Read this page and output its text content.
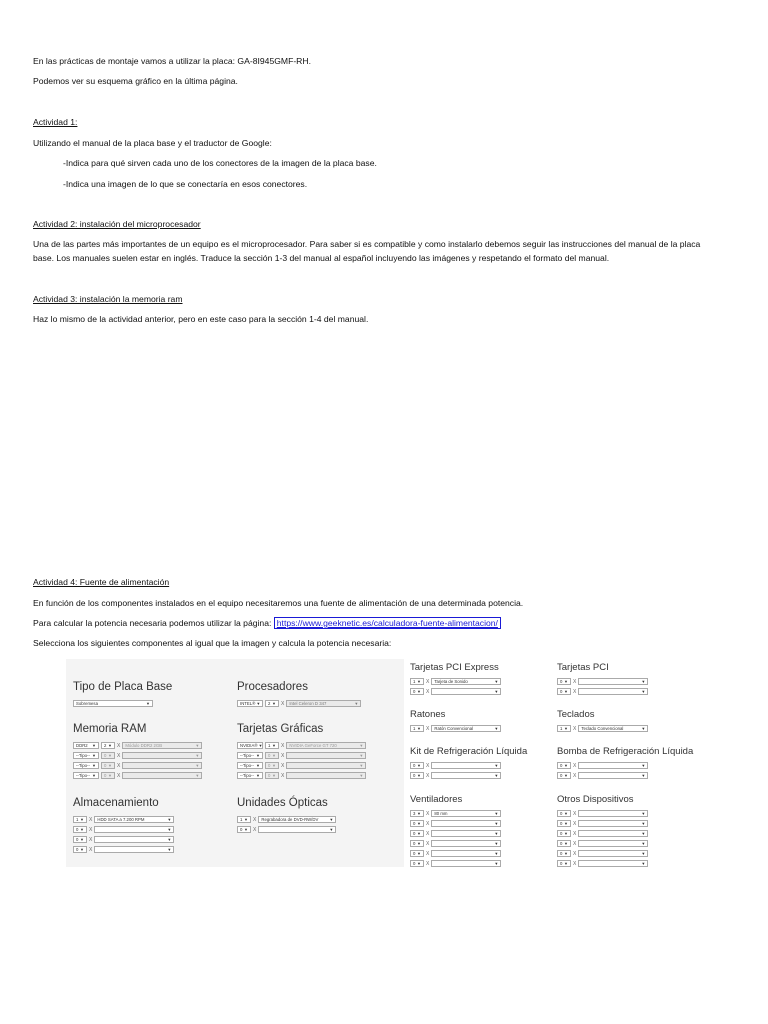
En las prácticas de montaje vamos a utilizar la placa: GA-8I945GMF-RH.
Podemos ver su esquema gráfico en la última página.
Actividad 1:
Utilizando el manual de la placa base y el traductor de Google:
-Indica para qué sirven cada uno de los conectores de la imagen de la placa base.
-Indica una imagen de lo que se conectaría en esos conectores.
Actividad 2: instalación del microprocesador
Una de las partes más importantes de un equipo es el microprocesador. Para saber si es compatible y como instalarlo debemos seguir las instrucciones del manual de la placa base. Los manuales suelen estar en inglés. Traduce la sección 1-3 del manual al español incluyendo las imágenes y respetando el formato del manual.
Actividad 3: instalación la memoria ram
Haz lo mismo de la actividad anterior, pero en este caso para la sección 1-4 del manual.
Actividad 4: Fuente de alimentación
En función de los componentes instalados en el equipo necesitaremos una fuente de alimentación de una determinada potencia.
Para calcular la potencia necesaria podemos utilizar la página: https://www.geeknetic.es/calculadora-fuente-alimentacion/
Selecciona los siguientes componentes al igual que la imagen y calcula la potencia necesaria:
Tipo de Placa Base
Sobremesa	▼
Procesadores
INTEL® ▼ 2 ▼ X Intel Celeron D 347	▼
Memoria RAM
DDR2 ▼ 2 ▼ X Módulo DDR2 2GB	▼
--Tipo-- ▼ 0 ▼ X	▼
--Tipo-- ▼ 0 ▼ X	▼
--Tipo-- ▼ 0 ▼ X	▼
Tarjetas Gráficas
NVIDIA® ▼ 1 ▼ X NVIDIA GeForce GT 720	▼
--Tipo-- ▼ 0 ▼ X	▼
--Tipo-- ▼ 0 ▼ X	▼
--Tipo-- ▼ 0 ▼ X	▼
Almacenamiento
1 ▼ X HDD SATA a 7.200 RPM	▼
0 ▼ X	▼
0 ▼ X	▼
0 ▼ X	▼
Unidades Ópticas
1 ▼ X Regrabadora de DVD-RW/DV	▼
0 ▼ X	▼
Tarjetas PCI Express
1 ▼ X Tarjeta de Sonido	▼
0 ▼ X	▼
Tarjetas PCI
0 ▼ X	▼
0 ▼ X	▼
Ratones
1 ▼ X Ratón Convencional	▼
Teclados
1 ▼ X Teclado Convencional	▼
Kit de Refrigeración Líquida
0 ▼ X	▼
0 ▼ X	▼
Bomba de Refrigeración Líquida
0 ▼ X	▼
0 ▼ X	▼
Ventiladores
3 ▼ X 80 mm	▼
0 ▼ X	▼
0 ▼ X	▼
0 ▼ X	▼
0 ▼ X	▼
0 ▼ X	▼
Otros Dispositivos
0 ▼ X	▼
0 ▼ X	▼
0 ▼ X	▼
0 ▼ X	▼
0 ▼ X	▼
0 ▼ X	▼
